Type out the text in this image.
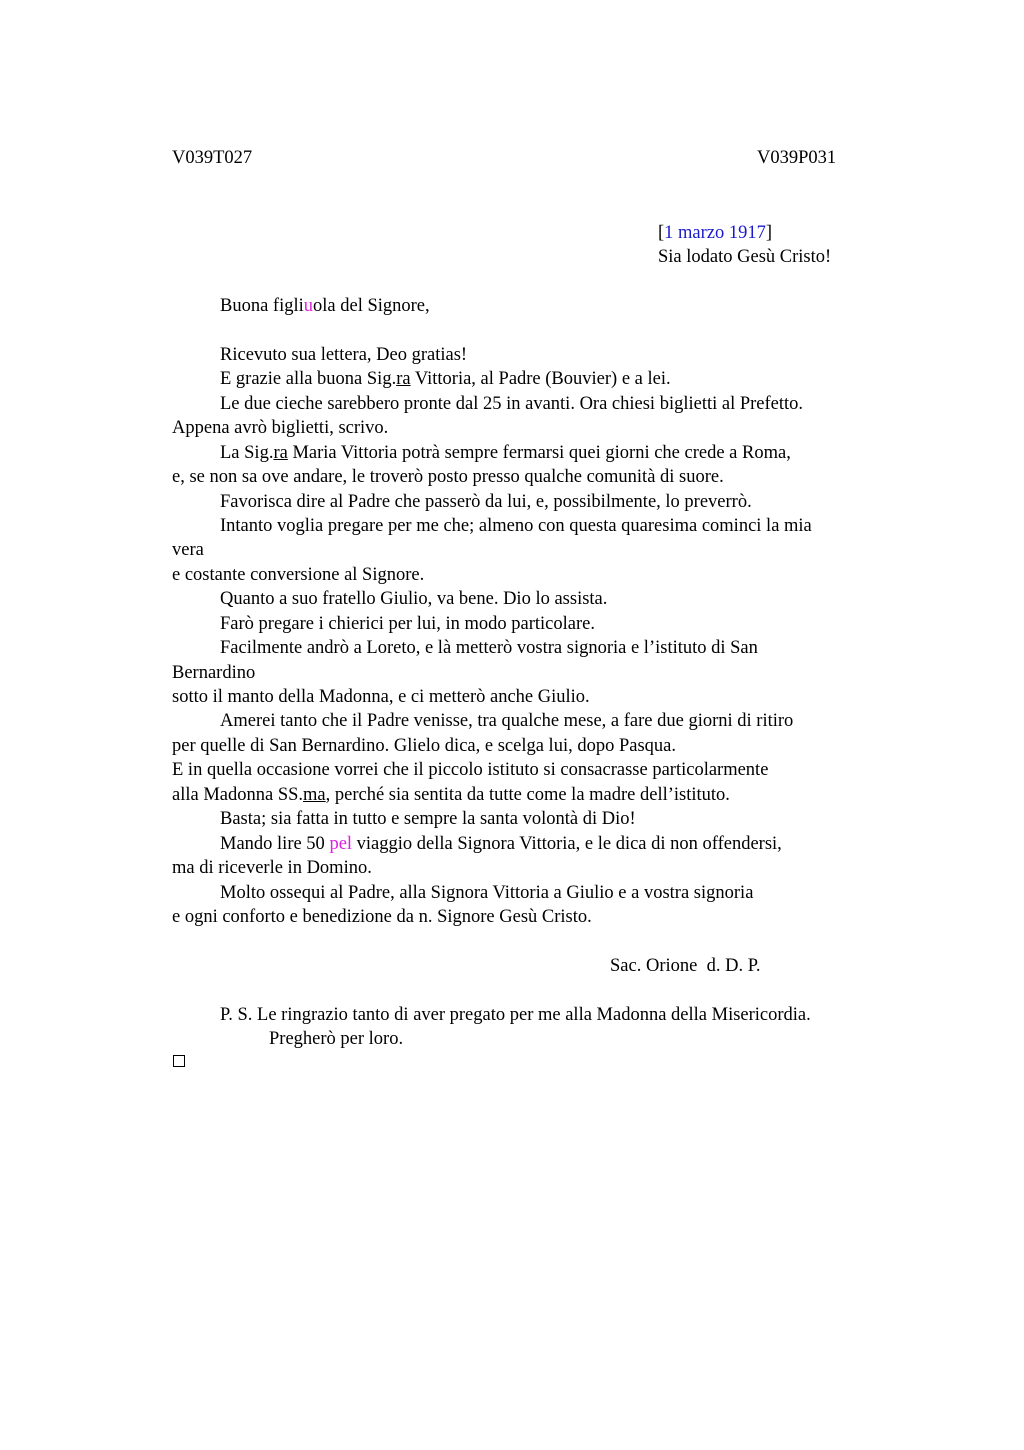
V039T027	V039P031
[1 marzo 1917]
Sia lodato Gesù Cristo!
Buona figliuola del Signore,
Ricevuto sua lettera, Deo gratias!
E grazie alla buona Sig.ra Vittoria, al Padre (Bouvier) e a lei.
Le due cieche sarebbero pronte dal 25 in avanti. Ora chiesi biglietti al Prefetto.
Appena avrò biglietti, scrivo.
La Sig.ra Maria Vittoria potrà sempre fermarsi quei giorni che crede a Roma,
e, se non sa ove andare, le troverò posto presso qualche comunità di suore.
Favorisca dire al Padre che passerò da lui, e, possibilmente, lo preverrò.
Intanto voglia pregare per me che; almeno con questa quaresima cominci la mia
vera
e costante conversione al Signore.
Quanto a suo fratello Giulio, va bene. Dio lo assista.
Farò pregare i chierici per lui, in modo particolare.
Facilmente andrò a Loreto, e là metterò vostra signoria e l’istituto di San
Bernardino
sotto il manto della Madonna, e ci metterò anche Giulio.
Amerei tanto che il Padre venisse, tra qualche mese, a fare due giorni di ritiro
per quelle di San Bernardino. Glielo dica, e scelga lui, dopo Pasqua.
E in quella occasione vorrei che il piccolo istituto si consacrasse particolarmente
alla Madonna SS.ma, perché sia sentita da tutte come la madre dell’istituto.
Basta; sia fatta in tutto e sempre la santa volontà di Dio!
Mando lire 50 pel viaggio della Signora Vittoria, e le dica di non offendersi,
ma di riceverle in Domino.
Molto ossequi al Padre, alla Signora Vittoria a Giulio e a vostra signoria
e ogni conforto e benedizione da n. Signore Gesù Cristo.
Sac. Orione  d. D. P.
P. S. Le ringrazio tanto di aver pregato per me alla Madonna della Misericordia.
Pregherò per loro.
